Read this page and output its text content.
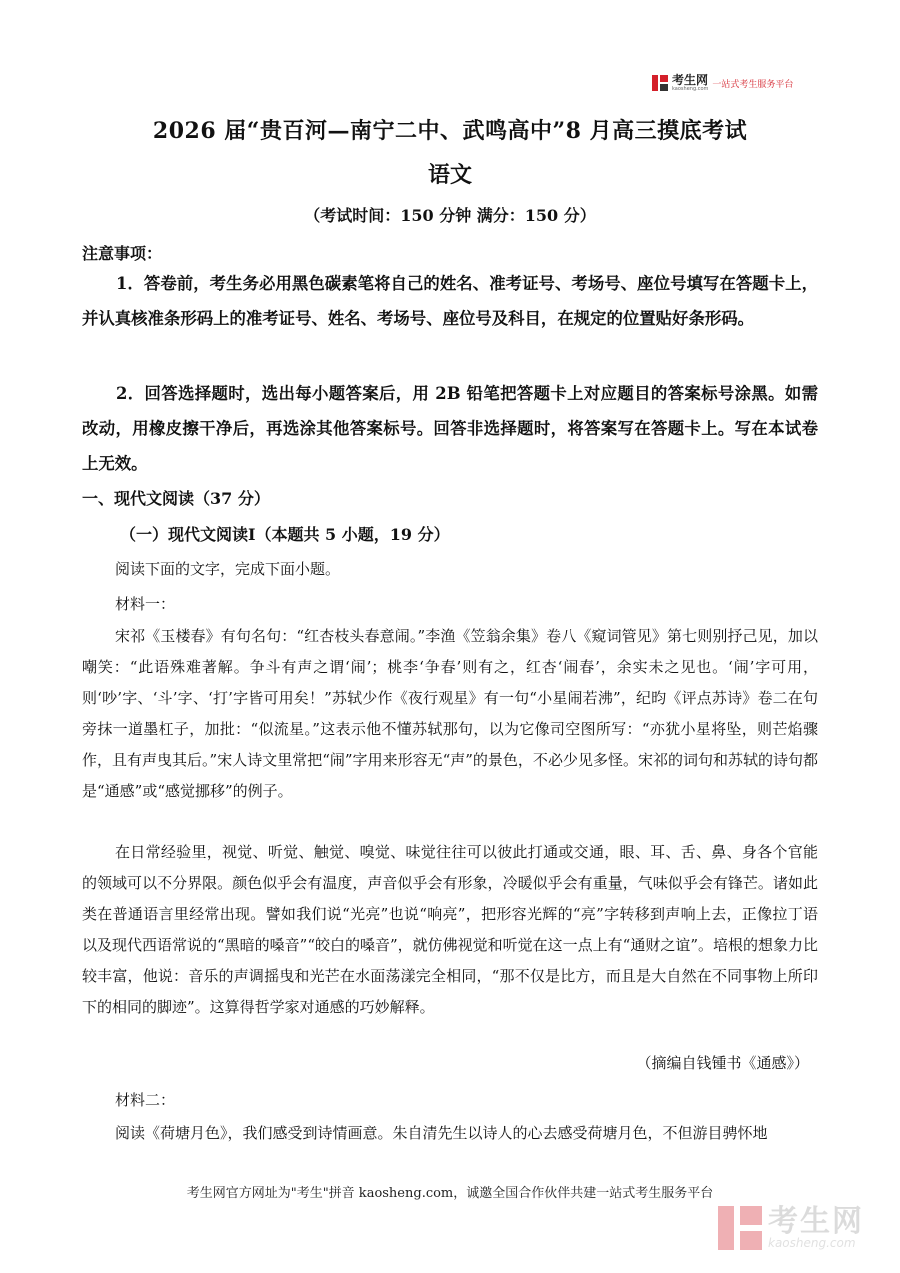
考生网
kaosheng.com 一站式考生服务平台
2026 届“贵百河—南宁二中、武鸣高中”8 月高三摸底考试
语文
（考试时间：150 分钟 满分：150 分）
注意事项：
1．答卷前，考生务必用黑色碳素笔将自己的姓名、准考证号、考场号、座位号填写在答题卡上，并认真核准条形码上的准考证号、姓名、考场号、座位号及科目，在规定的位置贴好条形码。
2．回答选择题时，选出每小题答案后，用 2B 铅笔把答题卡上对应题目的答案标号涂黑。如需改动，用橡皮擦干净后，再选涂其他答案标号。回答非选择题时，将答案写在答题卡上。写在本试卷上无效。
一、现代文阅读（37 分）
（一）现代文阅读Ⅰ（本题共 5 小题，19 分）
阅读下面的文字，完成下面小题。
材料一：
宋祁《玉楼春》有句名句：“红杏枝头春意闹。”李渔《笠翁余集》卷八《窥词管见》第七则别抒己见，加以嘲笑：“此语殊难著解。争斗有声之谓‘闹’；桃李‘争春’则有之，红杏‘闹春’，余实未之见也。‘闹’字可用，则‘吵’字、‘斗’字、‘打’字皆可用矣！”苏轼少作《夜行观星》有一句“小星闹若沸”，纪昀《评点苏诗》卷二在句旁抹一道墨杠子，加批：“似流星。”这表示他不懂苏轼那句，以为它像司空图所写：“亦犹小星将坠，则芒焰骤作，且有声曳其后。”宋人诗文里常把“闹”字用来形容无“声”的景色，不必少见多怪。宋祁的词句和苏轼的诗句都是“通感”或“感觉挪移”的例子。
在日常经验里，视觉、听觉、触觉、嗅觉、味觉往往可以彼此打通或交通，眼、耳、舌、鼻、身各个官能的领域可以不分界限。颜色似乎会有温度，声音似乎会有形象，冷暖似乎会有重量，气味似乎会有锋芒。诸如此类在普通语言里经常出现。譬如我们说“光亮”也说“响亮”，把形容光辉的“亮”字转移到声响上去，正像拉丁语以及现代西语常说的“黑暗的嗓音”“皎白的嗓音”，就仿佛视觉和听觉在这一点上有“通财之谊”。培根的想象力比较丰富，他说：音乐的声调摇曳和光芒在水面荡漾完全相同，“那不仅是比方，而且是大自然在不同事物上所印下的相同的脚迹”。这算得哲学家对通感的巧妙解释。
（摘编自钱锺书《通感》）
材料二：
阅读《荷塘月色》，我们感受到诗情画意。朱自清先生以诗人的心去感受荷塘月色，不但游目骋怀地
考生网官方网址为"考生"拼音 kaosheng.com，诚邀全国合作伙伴共建一站式考生服务平台
考生网
kaosheng.com
